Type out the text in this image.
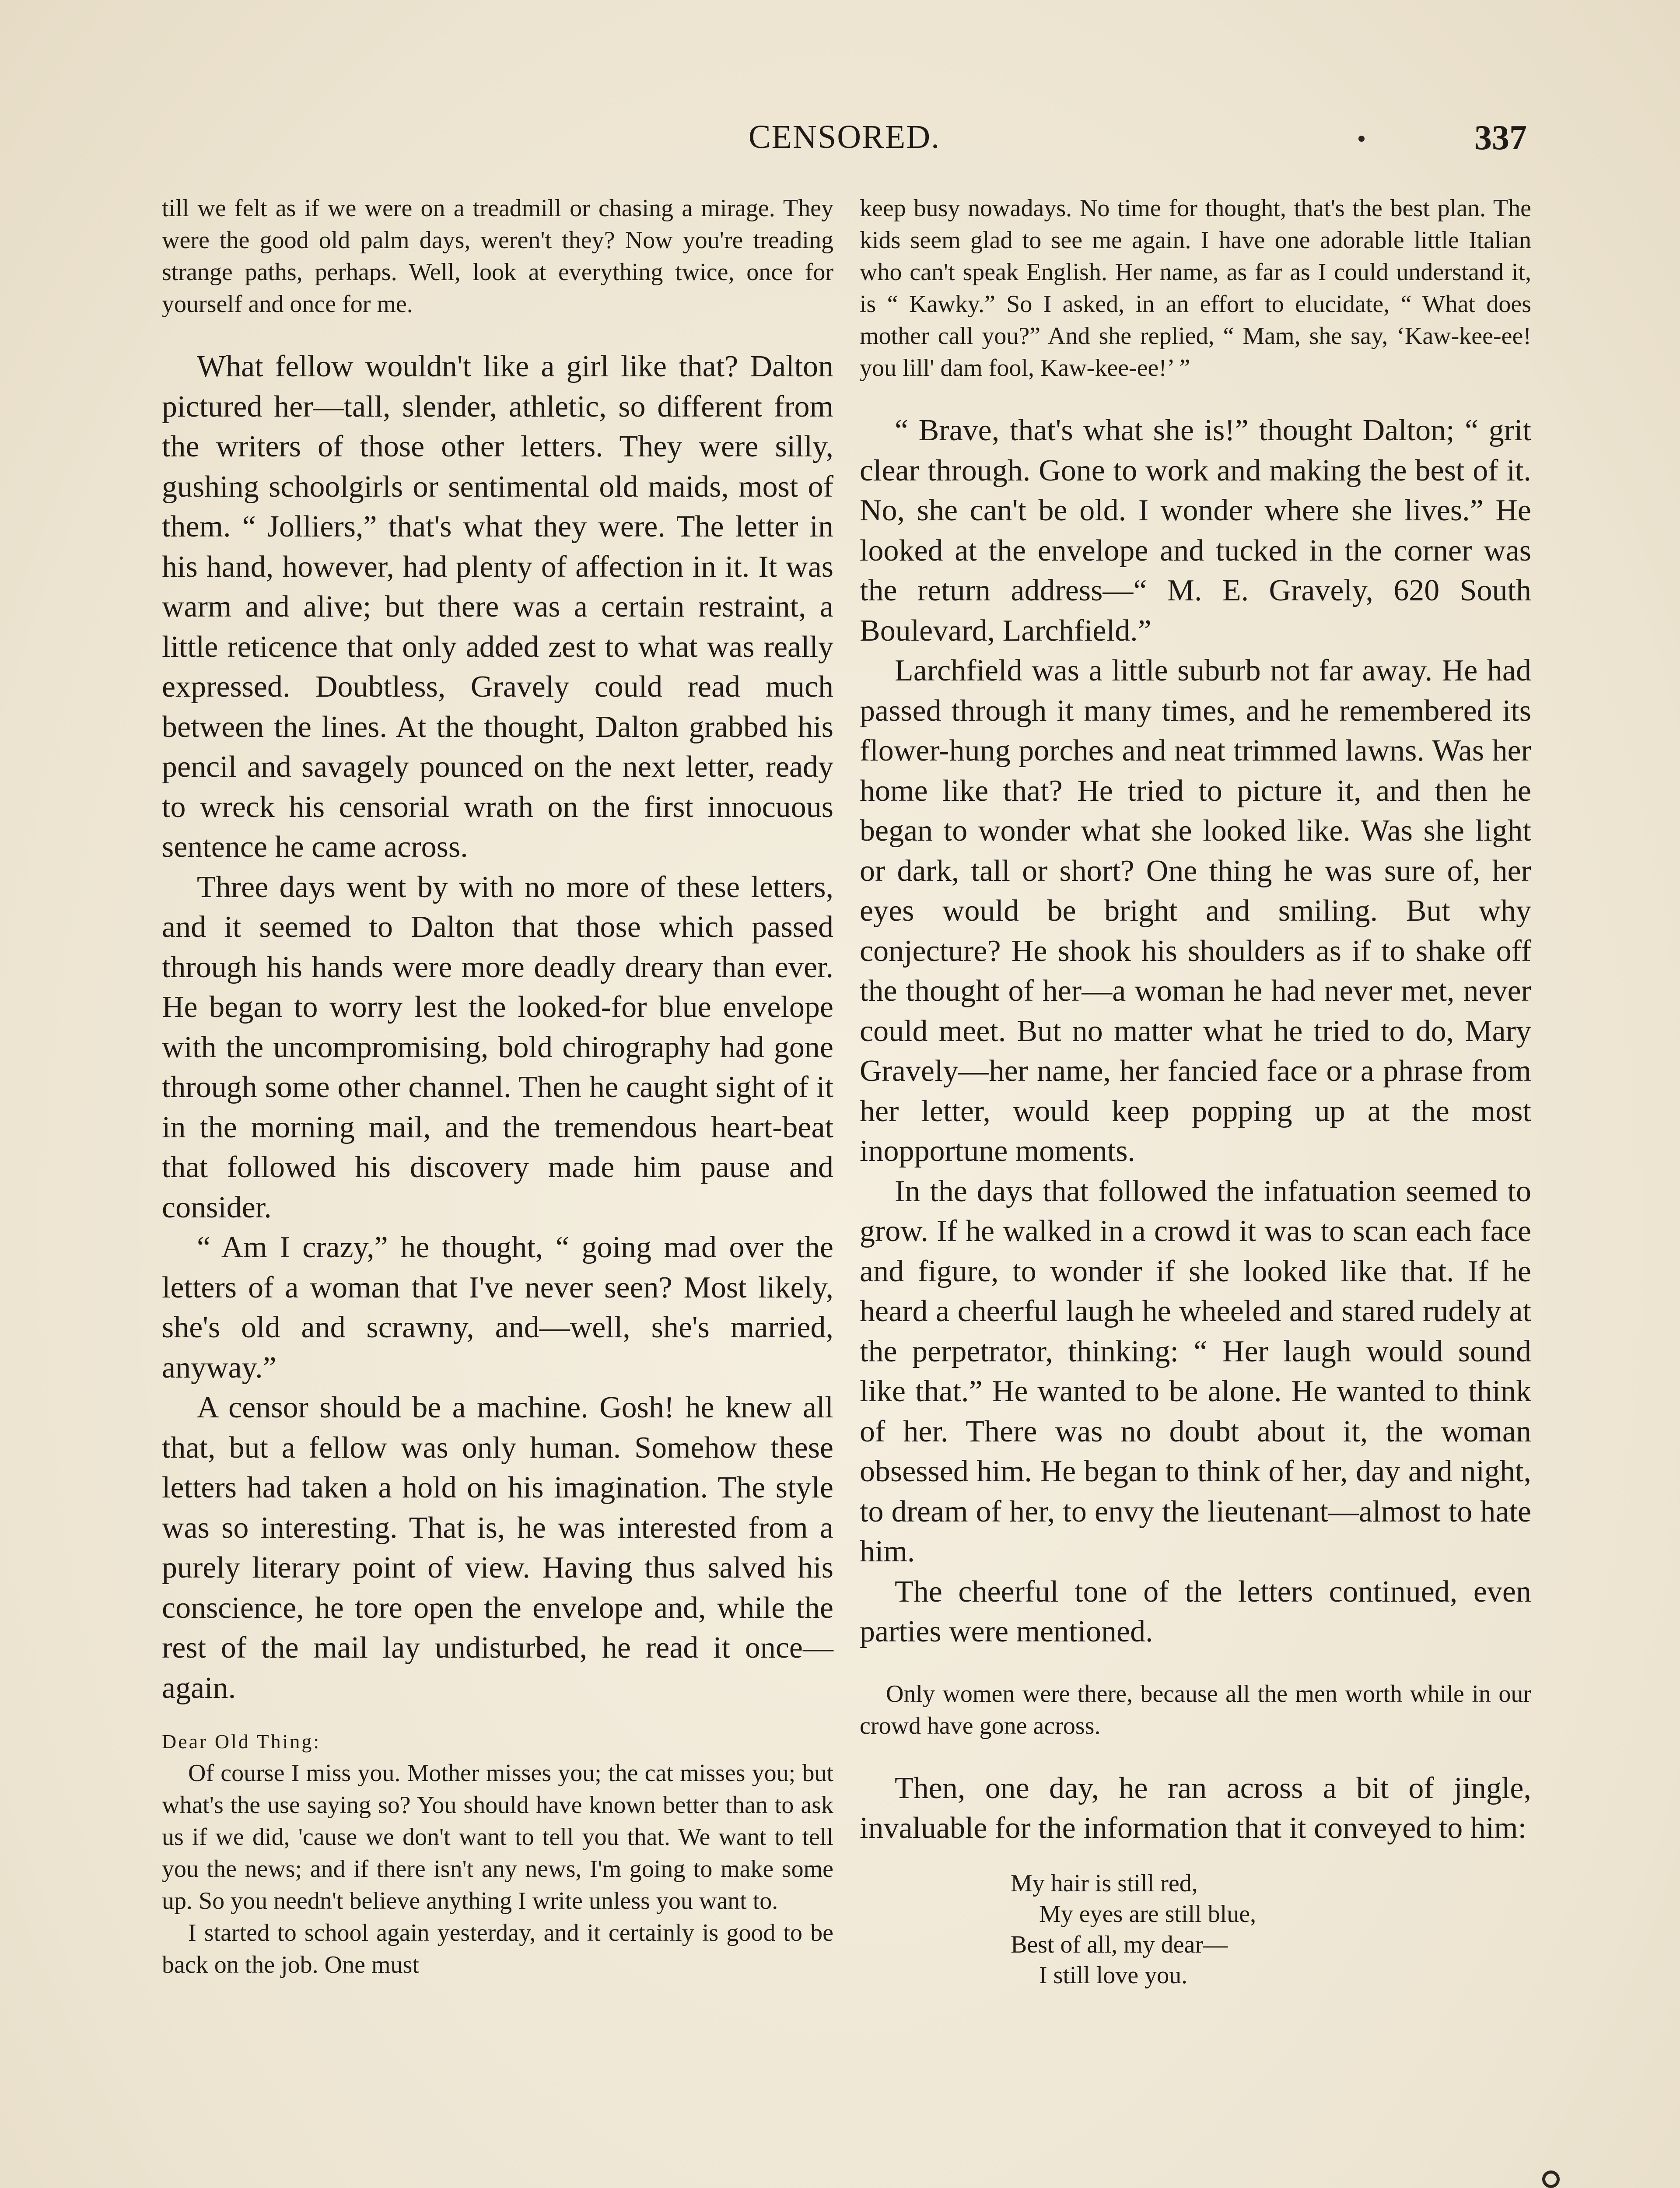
CENSORED.	337

till we felt as if we were on a treadmill or chasing a mirage. They were the good old palm days, weren't they? Now you're treading strange paths, perhaps. Well, look at everything twice, once for yourself and once for me.

What fellow wouldn't like a girl like that? Dalton pictured her—tall, slender, athletic, so different from the writers of those other letters. They were silly, gushing schoolgirls or sentimental old maids, most of them. “ Jolliers,” that's what they were. The letter in his hand, however, had plenty of affection in it. It was warm and alive; but there was a certain restraint, a little reticence that only added zest to what was really expressed. Doubtless, Gravely could read much between the lines. At the thought, Dalton grabbed his pencil and savagely pounced on the next letter, ready to wreck his censorial wrath on the first innocuous sentence he came across.

Three days went by with no more of these letters, and it seemed to Dalton that those which passed through his hands were more deadly dreary than ever. He began to worry lest the looked-for blue envelope with the uncompromising, bold chirography had gone through some other channel. Then he caught sight of it in the morning mail, and the tremendous heart-beat that followed his discovery made him pause and consider.

“ Am I crazy,” he thought, “ going mad over the letters of a woman that I've never seen? Most likely, she's old and scrawny, and—well, she's married, anyway.”

A censor should be a machine. Gosh! he knew all that, but a fellow was only human. Somehow these letters had taken a hold on his imagination. The style was so interesting. That is, he was interested from a purely literary point of view. Having thus salved his conscience, he tore open the envelope and, while the rest of the mail lay undisturbed, he read it once—again.

Dear Old Thing:

Of course I miss you. Mother misses you; the cat misses you; but what's the use saying so? You should have known better than to ask us if we did, 'cause we don't want to tell you that. We want to tell you the news; and if there isn't any news, I'm going to make some up. So you needn't believe anything I write unless you want to.

I started to school again yesterday, and it certainly is good to be back on the job. One must

keep busy nowadays. No time for thought, that's the best plan. The kids seem glad to see me again. I have one adorable little Italian who can't speak English. Her name, as far as I could understand it, is “ Kawky.” So I asked, in an effort to elucidate, “ What does mother call you?” And she replied, “ Mam, she say, ‘Kaw-kee-ee! you lill' dam fool, Kaw-kee-ee!’ ”

“ Brave, that's what she is!” thought Dalton; “ grit clear through. Gone to work and making the best of it. No, she can't be old. I wonder where she lives.” He looked at the envelope and tucked in the corner was the return address—“ M. E. Gravely, 620 South Boulevard, Larchfield.”

Larchfield was a little suburb not far away. He had passed through it many times, and he remembered its flower-hung porches and neat trimmed lawns. Was her home like that? He tried to picture it, and then he began to wonder what she looked like. Was she light or dark, tall or short? One thing he was sure of, her eyes would be bright and smiling. But why conjecture? He shook his shoulders as if to shake off the thought of her—a woman he had never met, never could meet. But no matter what he tried to do, Mary Gravely—her name, her fancied face or a phrase from her letter, would keep popping up at the most inopportune moments.

In the days that followed the infatuation seemed to grow. If he walked in a crowd it was to scan each face and figure, to wonder if she looked like that. If he heard a cheerful laugh he wheeled and stared rudely at the perpetrator, thinking: “ Her laugh would sound like that.” He wanted to be alone. He wanted to think of her. There was no doubt about it, the woman obsessed him. He began to think of her, day and night, to dream of her, to envy the lieutenant—almost to hate him.

The cheerful tone of the letters continued, even parties were mentioned.

Only women were there, because all the men worth while in our crowd have gone across.

Then, one day, he ran across a bit of jingle, invaluable for the information that it conveyed to him:

My hair is still red,
My eyes are still blue,
Best of all, my dear—
I still love you.
